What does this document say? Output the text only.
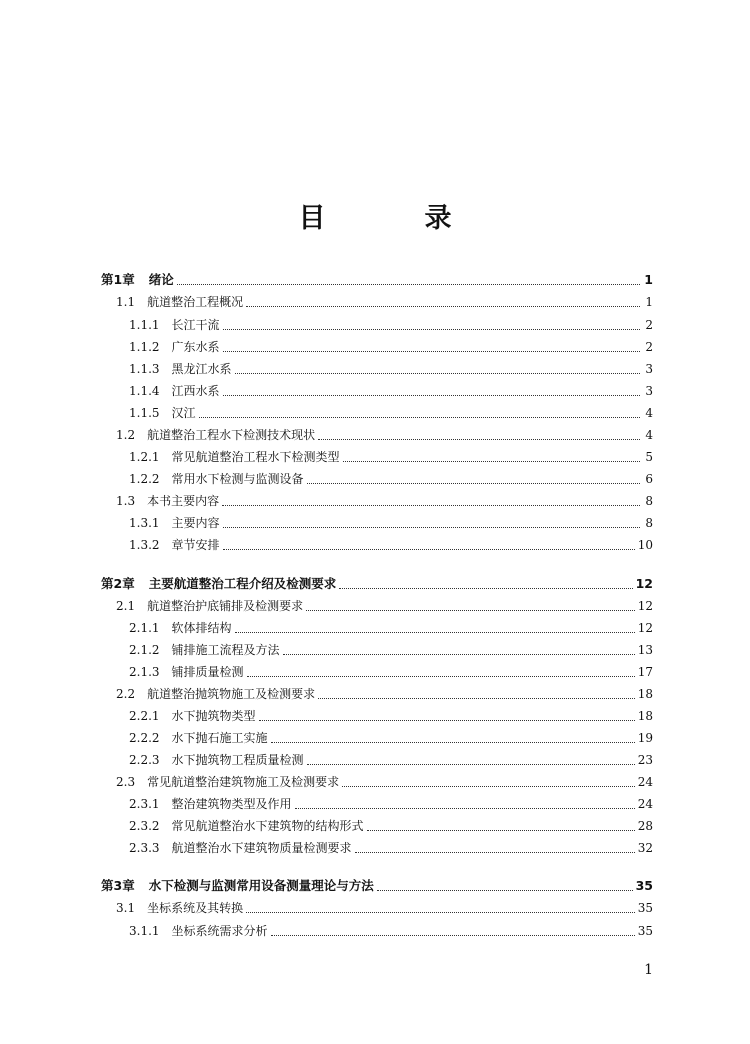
目　录
第1章 绪论	1
1.1 航道整治工程概况	1
1.1.1 长江干流	2
1.1.2 广东水系	2
1.1.3 黑龙江水系	3
1.1.4 江西水系	3
1.1.5 汉江	4
1.2 航道整治工程水下检测技术现状	4
1.2.1 常见航道整治工程水下检测类型	5
1.2.2 常用水下检测与监测设备	6
1.3 本书主要内容	8
1.3.1 主要内容	8
1.3.2 章节安排	10
第2章 主要航道整治工程介绍及检测要求	12
2.1 航道整治护底铺排及检测要求	12
2.1.1 软体排结构	12
2.1.2 铺排施工流程及方法	13
2.1.3 铺排质量检测	17
2.2 航道整治抛筑物施工及检测要求	18
2.2.1 水下抛筑物类型	18
2.2.2 水下抛石施工实施	19
2.2.3 水下抛筑物工程质量检测	23
2.3 常见航道整治建筑物施工及检测要求	24
2.3.1 整治建筑物类型及作用	24
2.3.2 常见航道整治水下建筑物的结构形式	28
2.3.3 航道整治水下建筑物质量检测要求	32
第3章 水下检测与监测常用设备测量理论与方法	35
3.1 坐标系统及其转换	35
3.1.1 坐标系统需求分析	35
1
